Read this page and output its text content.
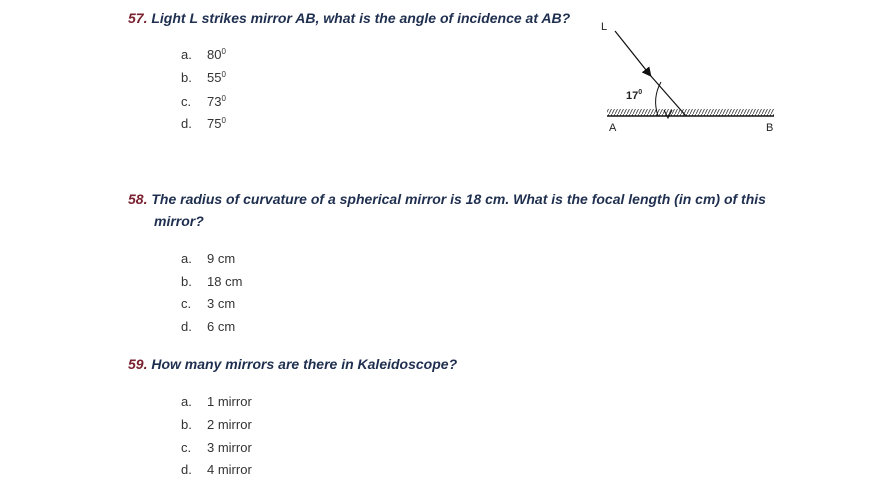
57. Light L strikes mirror AB, what is the angle of incidence at AB?
a. $80^0$
b. $55^0$
c. $73^0$
d. $75^0$
L
$17^0$
A	B
58. The radius of curvature of a spherical mirror is 18 cm. What is the focal length (in cm) of this
mirror?
a. 9 cm
b. 18 cm
c. 3 cm
d. 6 cm
59. How many mirrors are there in Kaleidoscope?
a. 1 mirror
b. 2 mirror
c. 3 mirror
d. 4 mirror
